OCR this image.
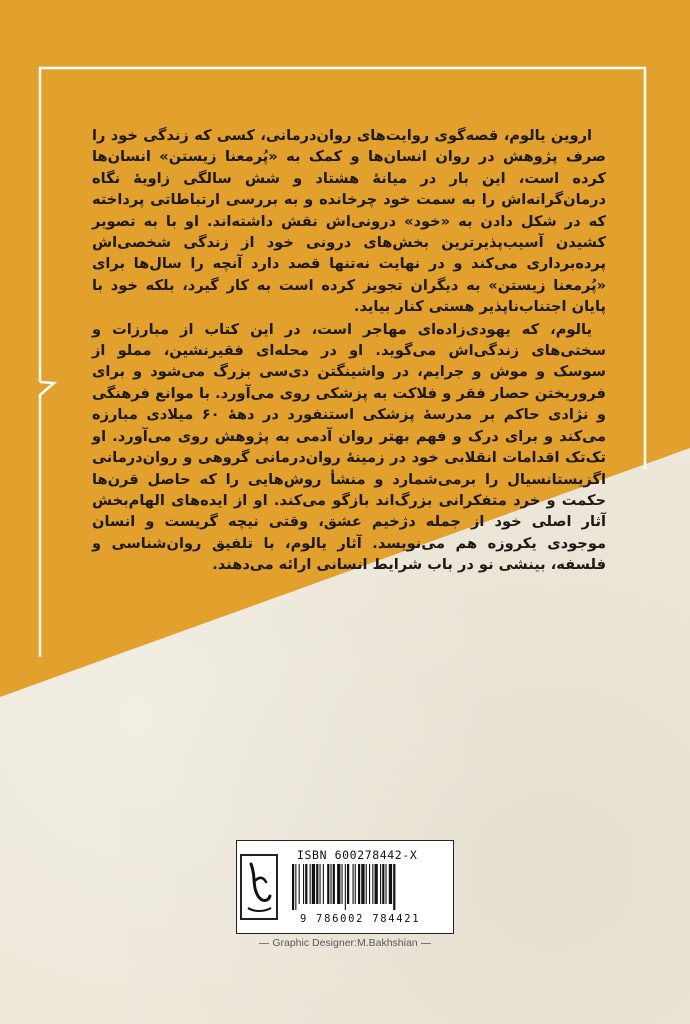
اروین یالوم، قصه‌گوی روایت‌های روان‌درمانی، کسی که زندگی خود را صرف پژوهش در روان انسان‌ها و کمک به «پُرمعنا زیستن» انسان‌ها کرده است، این بار در میانهٔ هشتاد و شش سالگی زاویهٔ نگاه درمان‌گرانه‌اش را به سمت خود چرخانده و به بررسی ارتباطاتی پرداخته که در شکل دادن به «خود» درونی‌اش نقش داشته‌اند. او با به تصویر کشیدن آسیب‌پذیرترین بخش‌های درونی خود از زندگی شخصی‌اش پرده‌برداری می‌کند و در نهایت نه‌تنها قصد دارد آنچه را سال‌ها برای «پُرمعنا زیستن» به دیگران تجویز کرده است به کار گیرد، بلکه خود با پایان اجتناب‌ناپذیر هستی کنار بیاید.

یالوم، که یهودی‌زاده‌ای مهاجر است، در این کتاب از مبارزات و سختی‌های زندگی‌اش می‌گوید. او در محله‌ای فقیرنشین، مملو از سوسک و موش و جرایم، در واشینگتن دی‌سی بزرگ می‌شود و برای فروریختن حصار فقر و فلاکت به پزشکی روی می‌آورد. با موانع فرهنگی و نژادی حاکم بر مدرسهٔ پزشکی استنفورد در دههٔ ۶۰ میلادی مبارزه می‌کند و برای درک و فهم بهتر روان آدمی به پژوهش روی می‌آورد. او تک‌تک اقدامات انقلابی خود در زمینهٔ روان‌درمانی گروهی و روان‌درمانی اگزیستانسیال را برمی‌شمارد و منشأ روش‌هایی را که حاصل قرن‌ها حکمت و خرد متفکرانی بزرگ‌اند بازگو می‌کند. او از ایده‌های الهام‌بخش آثار اصلی خود از جمله دژخیم عشق، وقتی نیچه گریست و انسان موجودی یکروزه هم می‌نویسد. آثار یالوم، با تلفیق روان‌شناسی و فلسفه، بینشی نو در باب شرایط انسانی ارائه می‌دهند.

ISBN 600278442-X
9 786002 784421
Graphic Designer:M.Bakhshian
